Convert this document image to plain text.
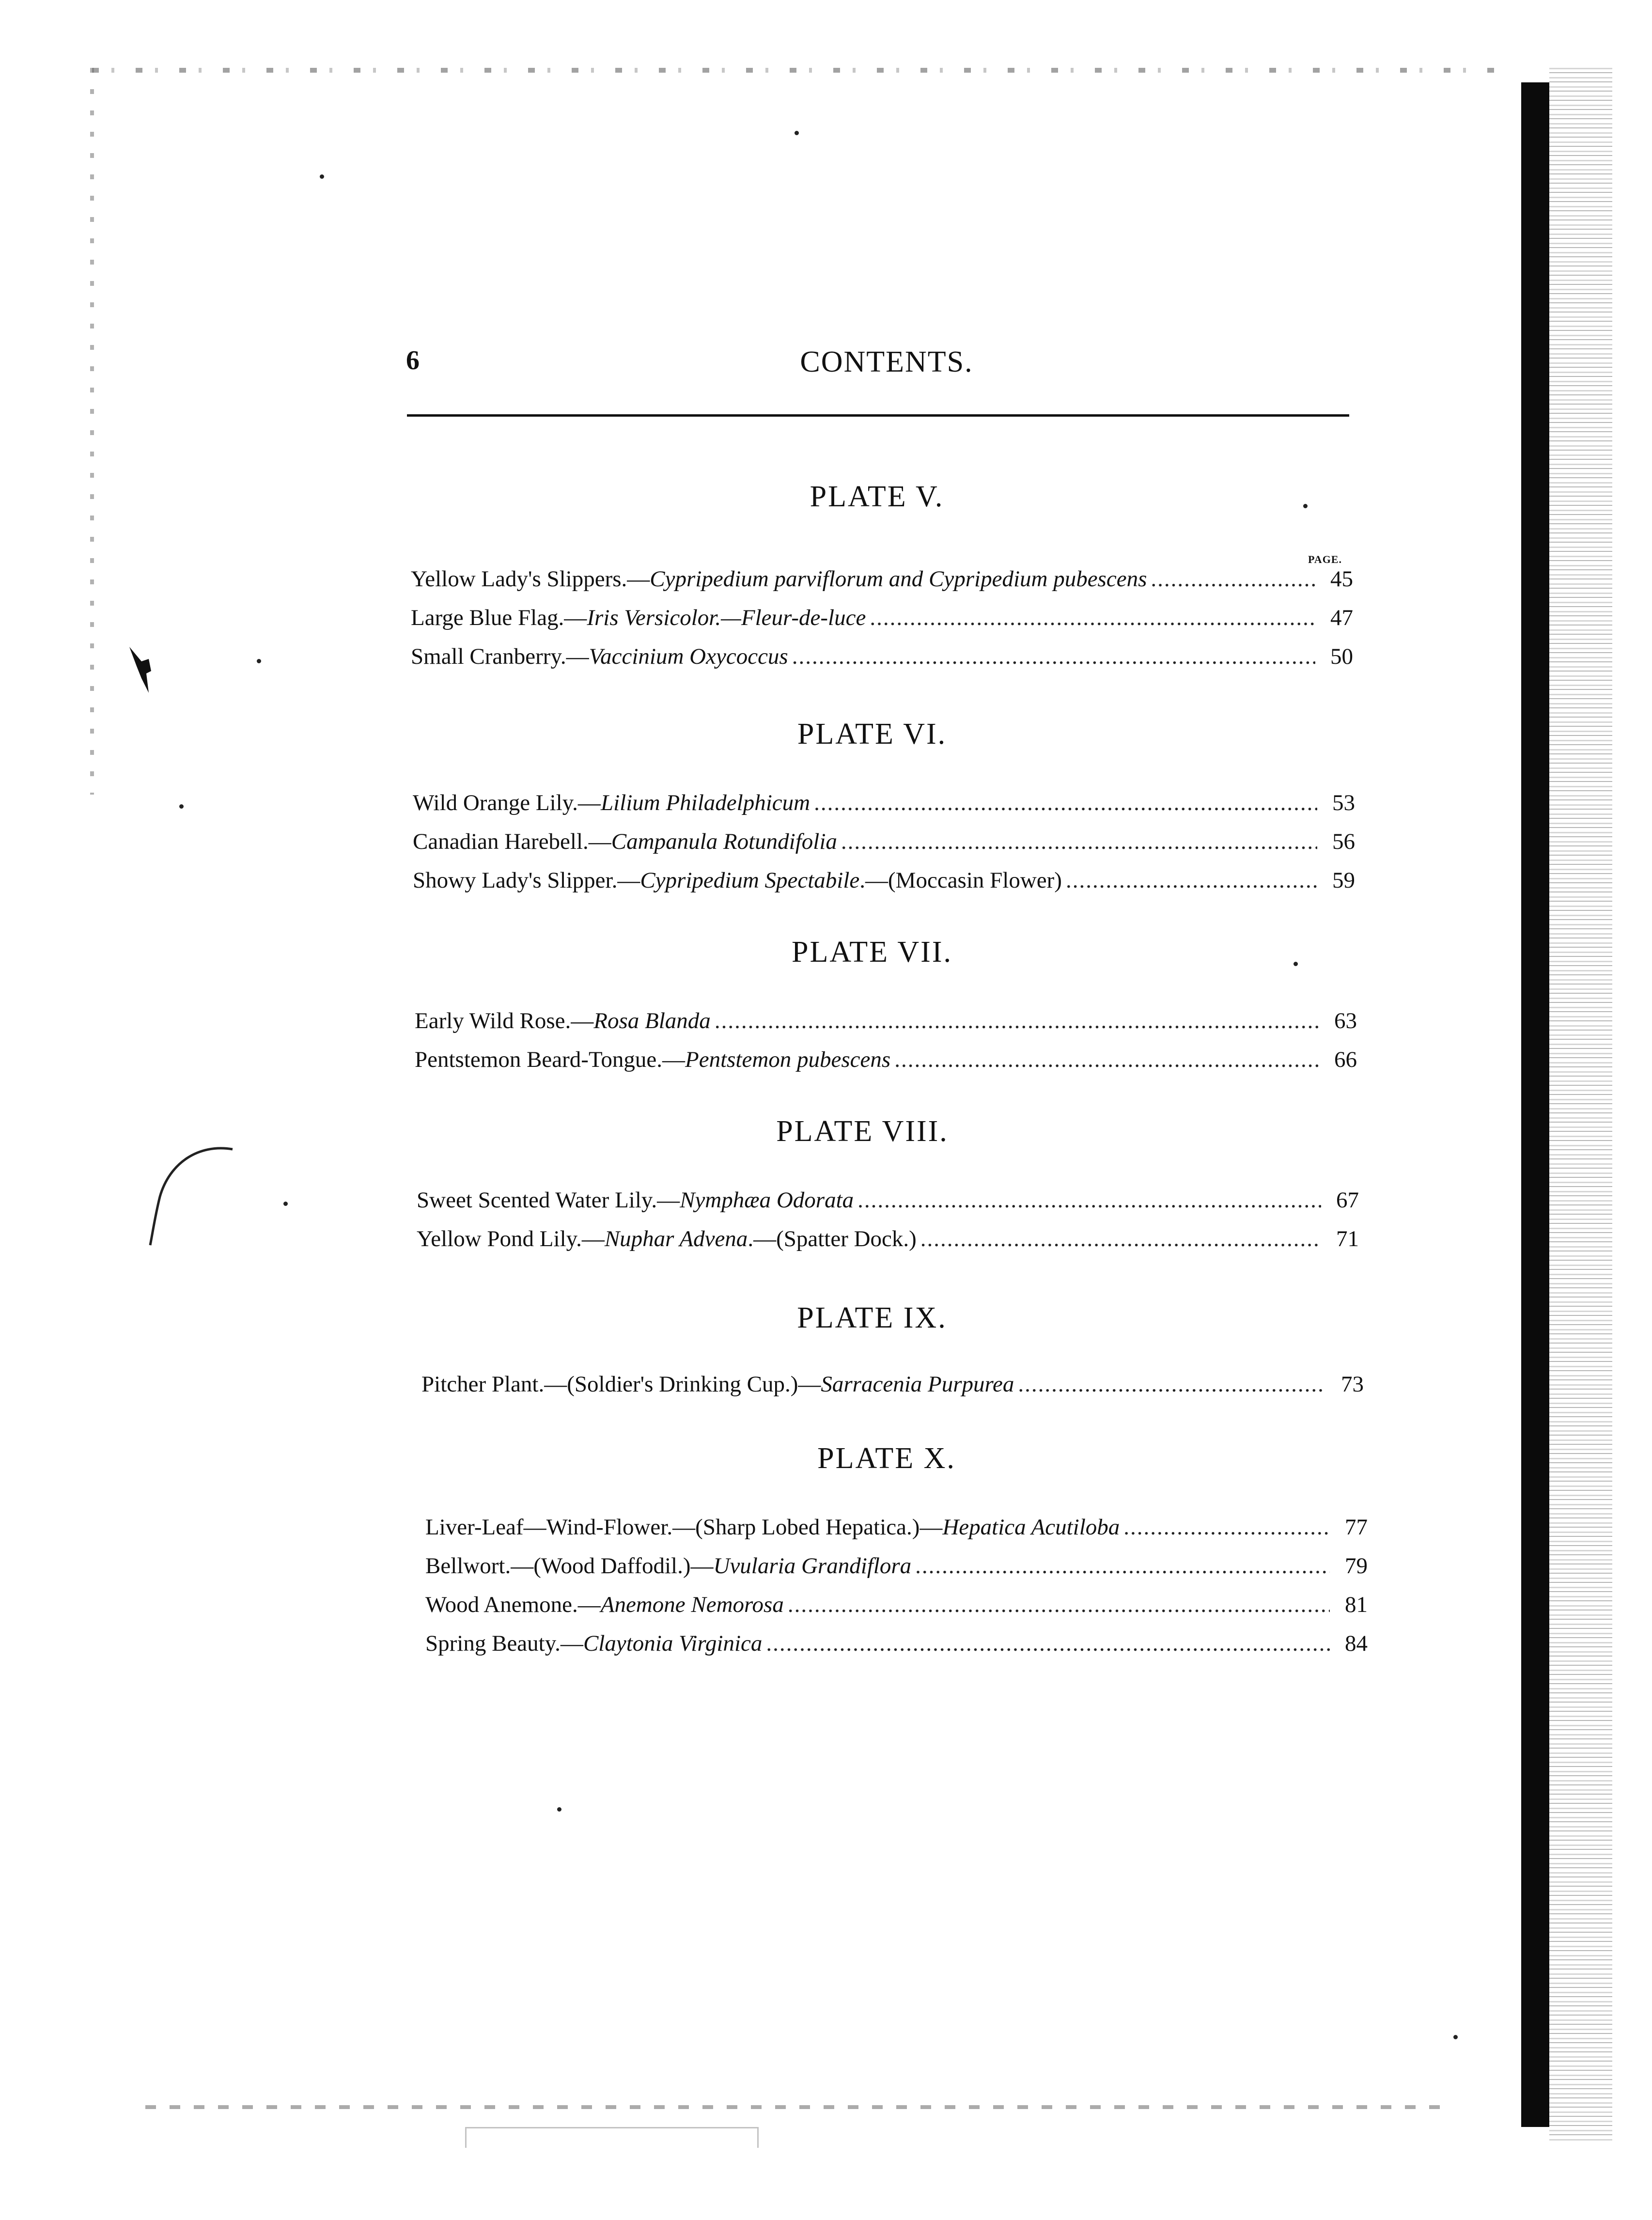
6	CONTENTS.
PAGE.
PLATE V.
Yellow Lady's Slippers.— Cypripedium parviflorum and Cypripedium pubescens .....	45
Large Blue Flag.— Iris Versicolor.—Fleur-de-luce .....	47
Small Cranberry.— Vaccinium Oxycoccus .....	50
PLATE VI.
Wild Orange Lily.— Lilium Philadelphicum .....	53
Canadian Harebell.— Campanula Rotundifolia .....	56
Showy Lady's Slipper.— Cypripedium Spectabile .—(Moccasin Flower) .....	59
PLATE VII.
Early Wild Rose.— Rosa Blanda .....	63
Pentstemon Beard-Tongue.— Pentstemon pubescens .....	66
PLATE VIII.
Sweet Scented Water Lily.— Nymphæa Odorata .....	67
Yellow Pond Lily.— Nuphar Advena .—(Spatter Dock.) .....	71
PLATE IX.
Pitcher Plant.—(Soldier's Drinking Cup.)— Sarracenia Purpurea .....	73
PLATE X.
Liver-Leaf—Wind-Flower.—(Sharp Lobed Hepatica.)— Hepatica Acutiloba .....	77
Bellwort.—(Wood Daffodil.)— Uvularia Grandiflora .....	79
Wood Anemone.— Anemone Nemorosa .....	81
Spring Beauty.— Claytonia Virginica .....	84
